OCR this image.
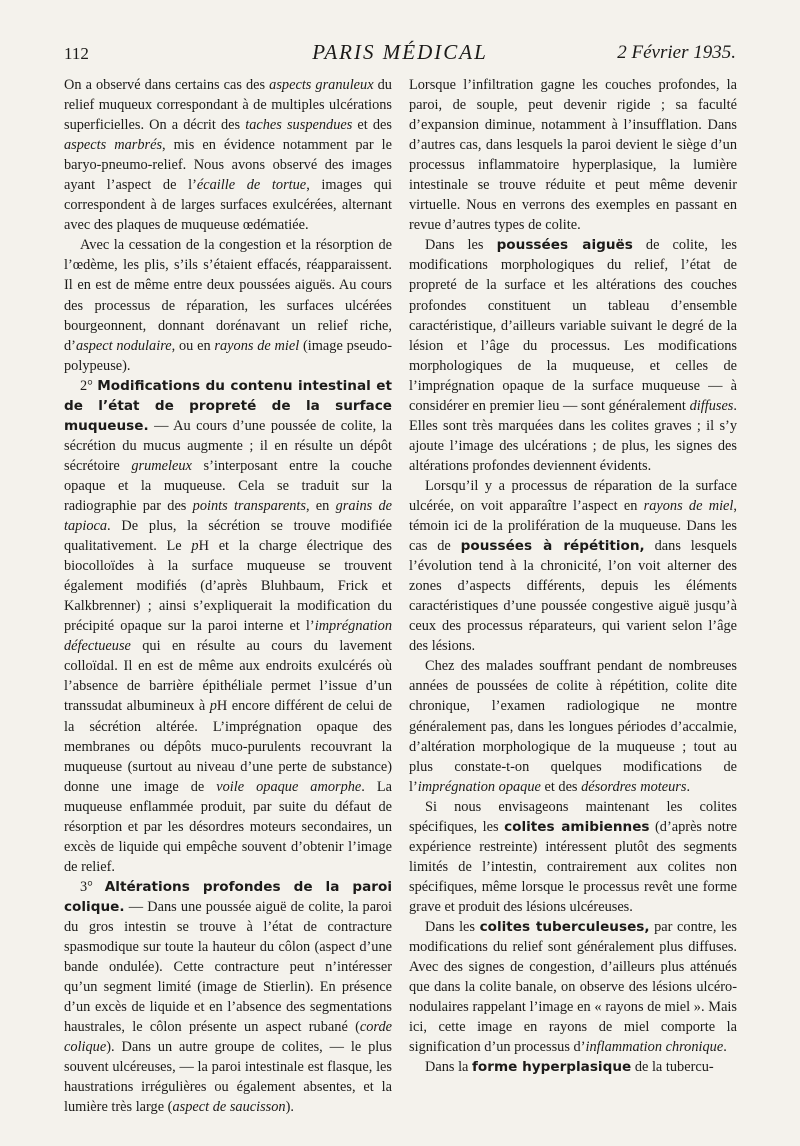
112	PARIS MÉDICAL	2 Février 1935.

On a observé dans certains cas des aspects granuleux du relief muqueux correspondant à de multiples ulcérations superficielles. On a décrit des taches suspendues et des aspects marbrés, mis en évidence notamment par le baryo-pneumo-relief. Nous avons observé des images ayant l’aspect de l’écaille de tortue, images qui correspondent à de larges surfaces exulcérées, alternant avec des plaques de muqueuse œdématiée.

Avec la cessation de la congestion et la résorption de l’œdème, les plis, s’ils s’étaient effacés, réapparaissent. Il en est de même entre deux poussées aiguës. Au cours des processus de réparation, les surfaces ulcérées bourgeonnent, donnant dorénavant un relief riche, d’aspect nodulaire, ou en rayons de miel (image pseudo-polypeuse).

2° Modifications du contenu intestinal et de l’état de propreté de la surface muqueuse. — Au cours d’une poussée de colite, la sécrétion du mucus augmente ; il en résulte un dépôt sécrétoire grumeleux s’interposant entre la couche opaque et la muqueuse. Cela se traduit sur la radiographie par des points transparents, en grains de tapioca. De plus, la sécrétion se trouve modifiée qualitativement. Le pH et la charge électrique des biocolloïdes à la surface muqueuse se trouvent également modifiés (d’après Bluhbaum, Frick et Kalkbrenner) ; ainsi s’expliquerait la modification du précipité opaque sur la paroi interne et l’imprégnation défectueuse qui en résulte au cours du lavement colloïdal. Il en est de même aux endroits exulcérés où l’absence de barrière épithéliale permet l’issue d’un transsudat albumineux à pH encore différent de celui de la sécrétion altérée. L’imprégnation opaque des membranes ou dépôts muco-purulents recouvrant la muqueuse (surtout au niveau d’une perte de substance) donne une image de voile opaque amorphe. La muqueuse enflammée produit, par suite du défaut de résorption et par les désordres moteurs secondaires, un excès de liquide qui empêche souvent d’obtenir l’image de relief.

3° Altérations profondes de la paroi colique. — Dans une poussée aiguë de colite, la paroi du gros intestin se trouve à l’état de contracture spasmodique sur toute la hauteur du côlon (aspect d’une bande ondulée). Cette contracture peut n’intéresser qu’un segment limité (image de Stierlin). En présence d’un excès de liquide et en l’absence des segmentations haustrales, le côlon présente un aspect rubané (corde colique). Dans un autre groupe de colites, — le plus souvent ulcéreuses, — la paroi intestinale est flasque, les haustrations irrégulières ou également absentes, et la lumière très large (aspect de saucisson).

Lorsque l’infiltration gagne les couches profondes, la paroi, de souple, peut devenir rigide ; sa faculté d’expansion diminue, notamment à l’insufflation. Dans d’autres cas, dans lesquels la paroi devient le siège d’un processus inflammatoire hyperplasique, la lumière intestinale se trouve réduite et peut même devenir virtuelle. Nous en verrons des exemples en passant en revue d’autres types de colite.

Dans les poussées aiguës de colite, les modifications morphologiques du relief, l’état de propreté de la surface et les altérations des couches profondes constituent un tableau d’ensemble caractéristique, d’ailleurs variable suivant le degré de la lésion et l’âge du processus. Les modifications morphologiques de la muqueuse, et celles de l’imprégnation opaque de la surface muqueuse — à considérer en premier lieu — sont généralement diffuses. Elles sont très marquées dans les colites graves ; il s’y ajoute l’image des ulcérations ; de plus, les signes des altérations profondes deviennent évidents.

Lorsqu’il y a processus de réparation de la surface ulcérée, on voit apparaître l’aspect en rayons de miel, témoin ici de la prolifération de la muqueuse. Dans les cas de poussées à répétition, dans lesquels l’évolution tend à la chronicité, l’on voit alterner des zones d’aspects différents, depuis les éléments caractéristiques d’une poussée congestive aiguë jusqu’à ceux des processus réparateurs, qui varient selon l’âge des lésions.

Chez des malades souffrant pendant de nombreuses années de poussées de colite à répétition, colite dite chronique, l’examen radiologique ne montre généralement pas, dans les longues périodes d’accalmie, d’altération morphologique de la muqueuse ; tout au plus constate-t-on quelques modifications de l’imprégnation opaque et des désordres moteurs.

Si nous envisageons maintenant les colites spécifiques, les colites amibiennes (d’après notre expérience restreinte) intéressent plutôt des segments limités de l’intestin, contrairement aux colites non spécifiques, même lorsque le processus revêt une forme grave et produit des lésions ulcéreuses.

Dans les colites tuberculeuses, par contre, les modifications du relief sont généralement plus diffuses. Avec des signes de congestion, d’ailleurs plus atténués que dans la colite banale, on observe des lésions ulcéro-nodulaires rappelant l’image en « rayons de miel ». Mais ici, cette image en rayons de miel comporte la signification d’un processus d’inflammation chronique.

Dans la forme hyperplasique de la tubercu-
